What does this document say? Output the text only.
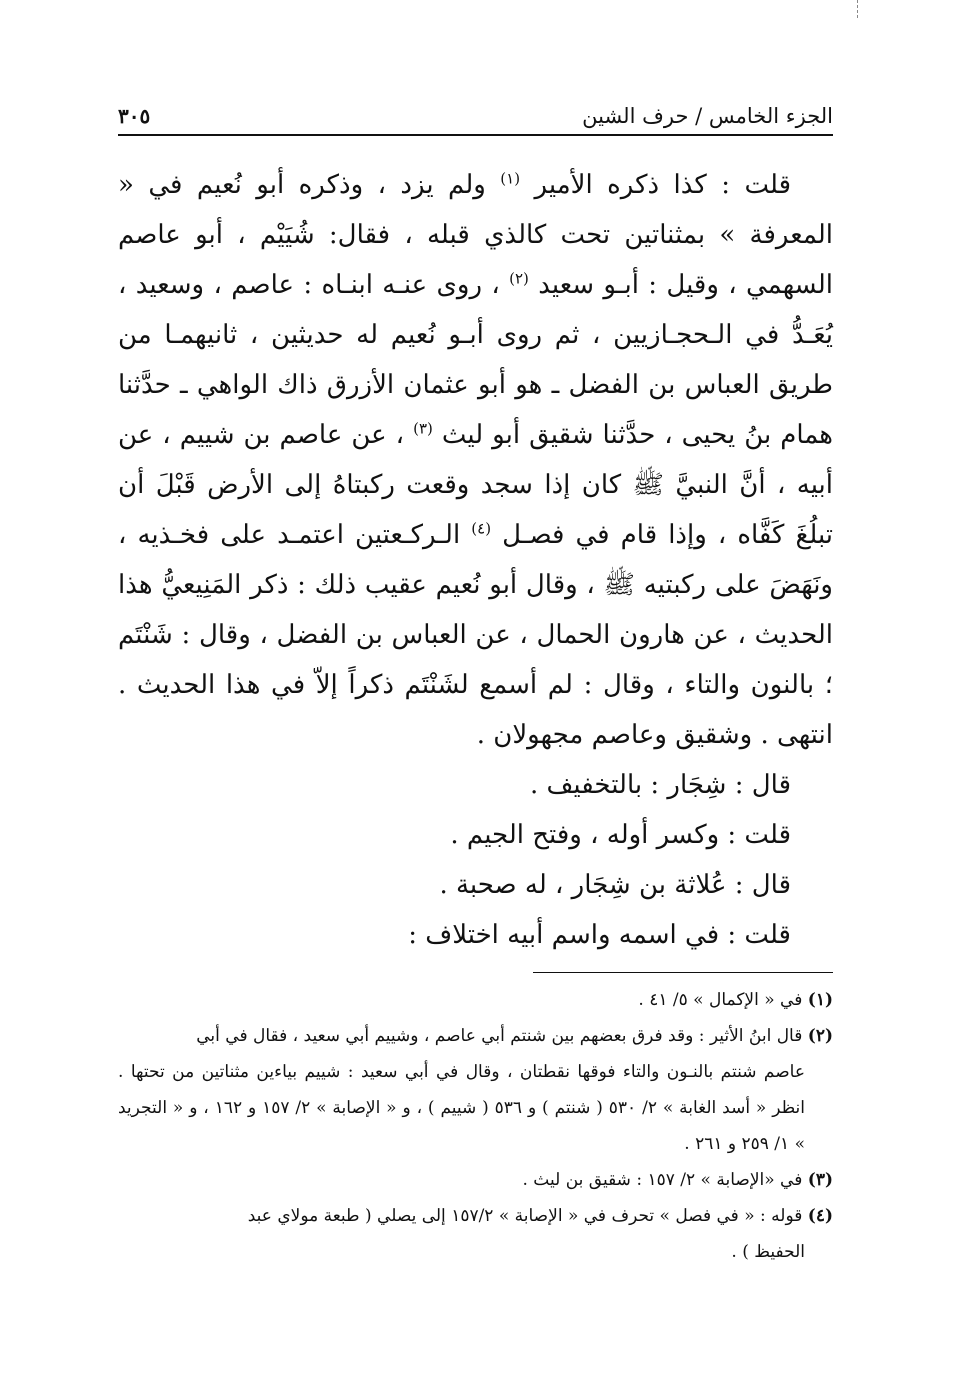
الجزء الخامس / حرف الشين
٣٠٥

قلت : كذا ذكره الأمير $^{(١)}$ ولم يزد ، وذكره أبو نُعيم في « المعرفة » بمثناتين تحت كالذي قبله ، فقال: شُيَيْم ، أبو عاصم السهمي ، وقيل : أبـو سعيد $^{(٢)}$ ، روى عنـه ابنـاه : عاصم ، وسعيد ، يُعَـدُّ في الـحجـازيين ، ثم روى أبـو نُعيم له حديثين ، ثانيهمـا من طريق العباس بن الفضل ـ هو أبو عثمان الأزرق ذاك الواهي ـ حدَّثنا همام بنُ يحيى ، حدَّثنا شقيق أبو ليث $^{(٣)}$ ، عن عاصم بن شييم ، عن أبيه ، أنَّ النبيَّ ﷺ كان إذا سجد وقعت ركبتاهُ إلى الأرض قَبْلَ أن تبلُغَ كَفَّاه ، وإذا قام في فصـل $^{(٤)}$ الـركـعتين اعتمـد على فخـذيه ، ونَهَضَ على ركبتيه ﷺ ، وقال أبو نُعيم عقيب ذلك : ذكر المَنِيعيُّ هذا الحديث ، عن هارون الحمال ، عن العباس بن الفضل ، وقال : شَنْتَم ؛ بالنون والتاء ، وقال : لم أسمع لشَنْتَم ذكراً إلاّ في هذا الحديث . انتهى . وشقيق وعاصم مجهولان .

قال : شِجَار : بالتخفيف .
قلت : وكسر أوله ، وفتح الجيم .
قال : عُلاثة بن شِجَار ، له صحبة .
قلت : في اسمه واسم أبيه اختلاف :

(١) في « الإكمال » ٥/ ٤١ .

(٢) قال ابنُ الأثير : وقد فرق بعضهم بين شنتم أبي عاصم ، وشييم أبي سعيد ، فقال في أبي
عاصم شنتم بالنـون والتاء فوقها نقطتان ، وقال في أبي سعيد : شييم بياءين مثناتين من تحتها . انظر « أسد الغابة » ٢/ ٥٣٠ ( شنتم ) و ٥٣٦ ( شييم ) ، و « الإصابة » ٢/ ١٥٧ و ١٦٢ ، و « التجريد » ١/ ٢٥٩ و ٢٦١ .

(٣) في «الإصابة » ٢/ ١٥٧ : شقيق بن ليث .

(٤) قوله : « في فصل » تحرف في « الإصابة » ١٥٧/٢ إلى يصلي ( طبعة مولاي عبد
الحفيظ ) .
